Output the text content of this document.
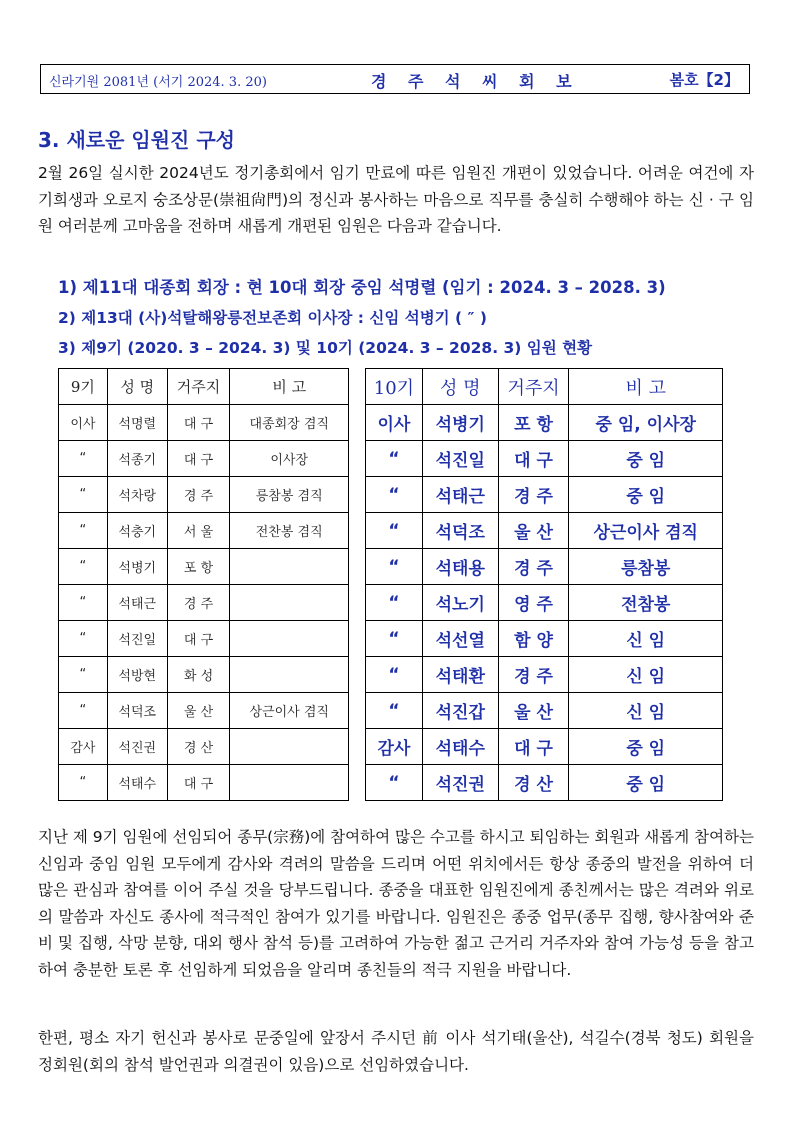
신라기원 2081년 (서기 2024. 3. 20)	경 주 석 씨 회 보	봄호【2】
3. 새로운 임원진 구성

2월 26일 실시한 2024년도 정기총회에서 임기 만료에 따른 임원진 개편이 있었습니다. 어려운 여건에 자기희생과 오로지 숭조상문(崇祖尙門)의 정신과 봉사하는 마음으로 직무를 충실히 수행해야 하는 신 · 구 임원 여러분께 고마움을 전하며 새롭게 개편된 임원은 다음과 같습니다.

1) 제11대 대종회 회장 : 현 10대 회장 중임 석명렬 (임기 : 2024. 3 – 2028. 3)
2) 제13대 (사)석탈해왕릉전보존회 이사장 : 신임 석병기 ( ″ )
3) 제9기 (2020. 3 – 2024. 3) 및 10기 (2024. 3 – 2028. 3) 임원 현황
9기	성 명	거주지	비 고
이사	석명렬	대 구	대종회장 겸직
“	석종기	대 구	이사장
“	석차랑	경 주	릉참봉 겸직
“	석충기	서 울	전찬봉 겸직
“	석병기	포 항	
“	석태근	경 주	
“	석진일	대 구	
“	석방현	화 성	
“	석덕조	울 산	상근이사 겸직
감사	석진권	경 산	
“	석태수	대 구	
10기	성 명	거주지	비 고
이사	석병기	포 항	중 임, 이사장
“	석진일	대 구	중 임
“	석태근	경 주	중 임
“	석덕조	울 산	상근이사 겸직
“	석태용	경 주	릉참봉
“	석노기	영 주	전참봉
“	석선열	함 양	신 임
“	석태환	경 주	신 임
“	석진갑	울 산	신 임
감사	석태수	대 구	중 임
“	석진권	경 산	중 임

지난 제 9기 임원에 선임되어 종무(宗務)에 참여하여 많은 수고를 하시고 퇴임하는 회원과 새롭게 참여하는 신임과 중임 임원 모두에게 감사와 격려의 말씀을 드리며 어떤 위치에서든 항상 종중의 발전을 위하여 더 많은 관심과 참여를 이어 주실 것을 당부드립니다. 종중을 대표한 임원진에게 종친께서는 많은 격려와 위로의 말씀과 자신도 종사에 적극적인 참여가 있기를 바랍니다. 임원진은 종중 업무(종무 집행, 향사참여와 준비 및 집행, 삭망 분향, 대외 행사 참석 등)를 고려하여 가능한 젊고 근거리 거주자와 참여 가능성 등을 참고하여 충분한 토론 후 선임하게 되었음을 알리며 종친들의 적극 지원을 바랍니다.

한편, 평소 자기 헌신과 봉사로 문중일에 앞장서 주시던 前 이사 석기태(울산), 석길수(경북 청도) 회원을 정회원(회의 참석 발언권과 의결권이 있음)으로 선임하였습니다.
